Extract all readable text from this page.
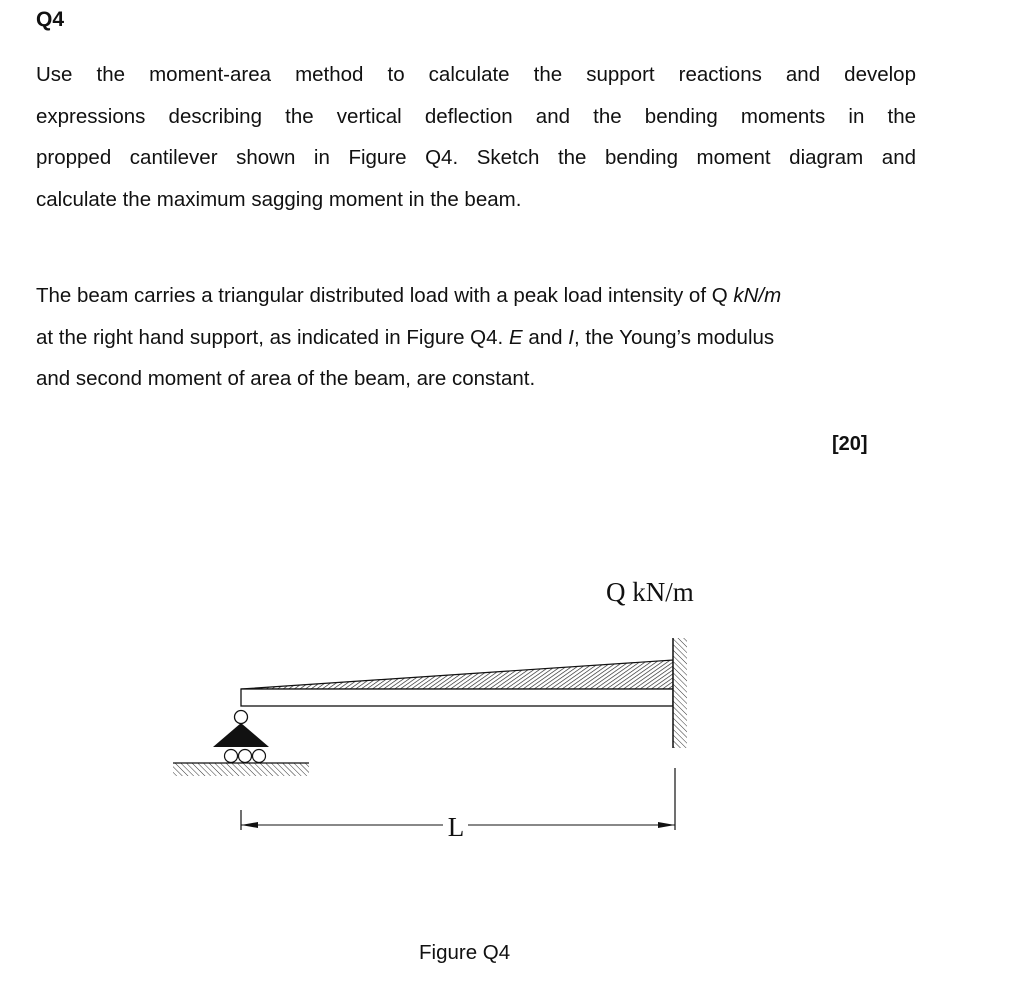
Q4
Use the moment-area method to calculate the support reactions and develop
expressions describing the vertical deflection and the bending moments in the
propped cantilever shown in Figure Q4. Sketch the bending moment diagram and
calculate the maximum sagging moment in the beam.
The beam carries a triangular distributed load with a peak load intensity of Q kN/m
at the right hand support, as indicated in Figure Q4. E and I, the Young’s modulus
and second moment of area of the beam, are constant.
[20]
Q kN/m
L
Figure Q4
